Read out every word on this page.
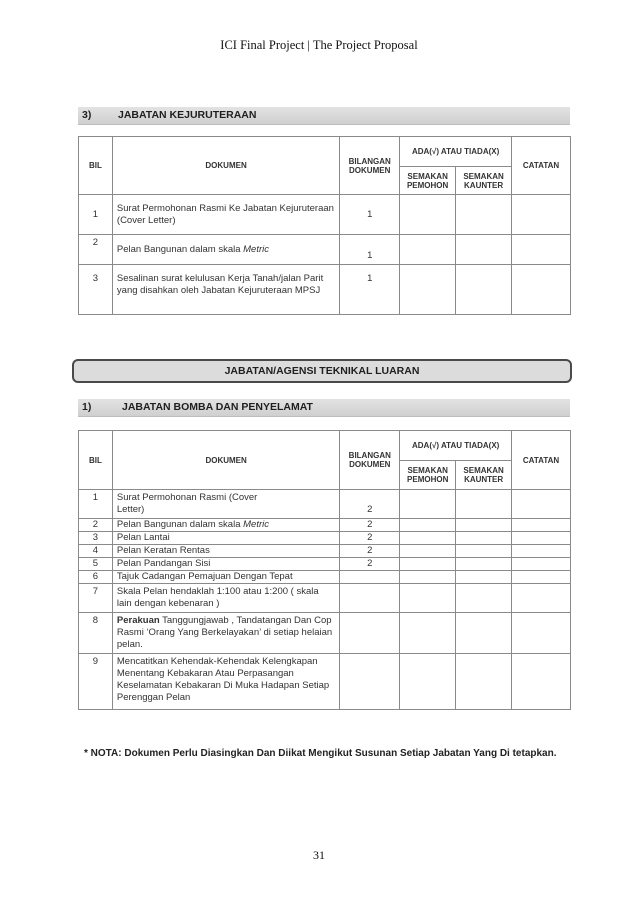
ICI Final Project | The Project Proposal
3)	JABATAN KEJURUTERAAN
BIL	DOKUMEN	BILANGAN DOKUMEN	ADA(√) ATAU TIADA(X)		CATATAN
			SEMAKAN PEMOHON	SEMAKAN KAUNTER	
1	Surat Permohonan Rasmi Ke Jabatan Kejuruteraan (Cover Letter)	1			
2	Pelan Bangunan dalam skala Metric	1			
3	Sesalinan surat kelulusan Kerja Tanah/jalan Parit yang disahkan oleh Jabatan Kejuruteraan MPSJ	1			
JABATAN/AGENSI TEKNIKAL LUARAN
1)	JABATAN BOMBA DAN PENYELAMAT
BIL	DOKUMEN	BILANGAN DOKUMEN	ADA(√) ATAU TIADA(X)		CATATAN
			SEMAKAN PEMOHON	SEMAKAN KAUNTER	
1	Surat Permohonan Rasmi (Cover Letter)	2			
2	Pelan Bangunan dalam skala Metric	2			
3	Pelan Lantai	2			
4	Pelan Keratan Rentas	2			
5	Pelan Pandangan Sisi	2			
6	Tajuk Cadangan Pemajuan Dengan Tepat				
7	Skala Pelan hendaklah 1:100 atau 1:200 ( skala lain dengan kebenaran )				
8	Perakuan Tanggungjawab , Tandatangan Dan Cop Rasmi ‘Orang Yang Berkelayakan’ di setiap helaian pelan.				
9	Mencatitkan Kehendak-Kehendak Kelengkapan Menentang Kebakaran Atau Perpasangan Keselamatan Kebakaran Di Muka Hadapan Setiap Perenggan Pelan				
* NOTA: Dokumen Perlu Diasingkan Dan Diikat Mengikut Susunan Setiap Jabatan Yang Di tetapkan.
31
